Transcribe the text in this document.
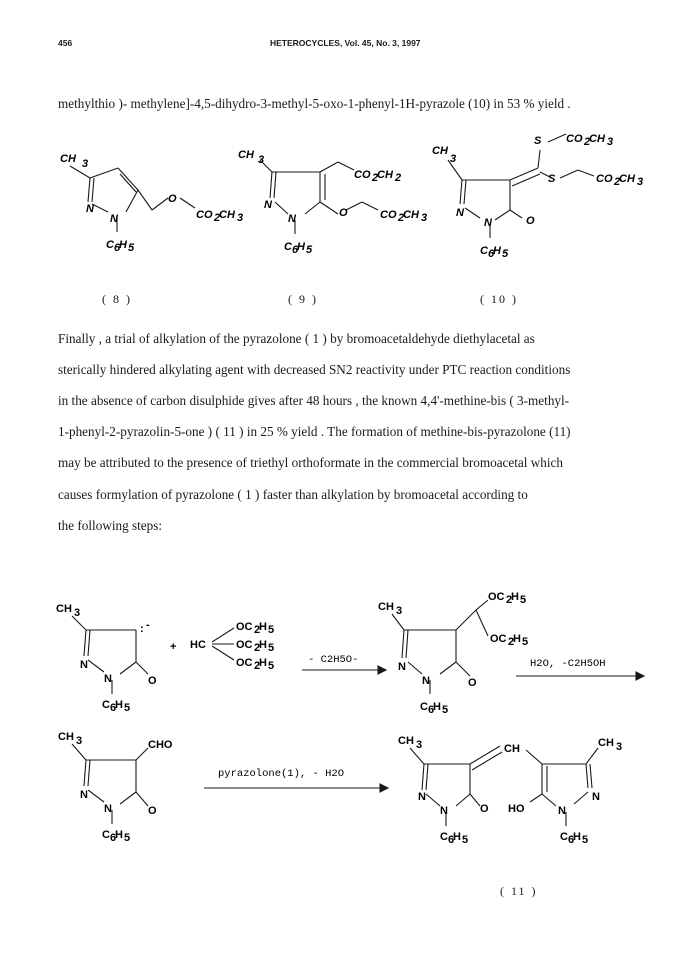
456	HETEROCYCLES, Vol. 45, No. 3, 1997
methylthio )- methylene]-4,5-dihydro-3-methyl-5-oxo-1-phenyl-1H-pyrazole (10) in 53 % yield .
CH 3
N
N
O
CO 2
CH 3
C 6
H 5
CH 3
CO 2
CH 2
N
N	O	CO 2
CH 3
C 6
H 5
CH
3
S CO 2
CH 3
S	CO 2
CH 3
N
N	O
C 6
H 5
( 8 )	( 9 )	( 10 )
Finally , a trial of alkylation of the pyrazolone ( 1 ) by bromoacetaldehyde diethylacetal as
sterically hindered alkylating agent with decreased SN2 reactivity under PTC reaction conditions
in the absence of carbon disulphide gives after 48 hours , the known 4,4'-methine-bis ( 3-methyl-
1-phenyl-2-pyrazolin-5-one ) ( 11 ) in 25 % yield . The formation of methine-bis-pyrazolone (11)
may be attributed to the presence of triethyl orthoformate in the commercial bromoacetal which
causes formylation of pyrazolone ( 1 ) faster than alkylation by bromoacetal according to
the following steps:
CH 3
: -
N
N	O
C 6
H 5
+ HC
OC 2
H 5
OC 2
H 5
OC 2
H 5	- C2H5O-
CH 3
OC 2
H 5
OC 2
H 5
N
N	O
C 6
H 5
H2O, -C2H5OH
CH 3	CHO
N
N	O
C 6
H 5
pyrazolone(1), - H2O
CH 3	CH	CH 3
N
N	O HO	N
N
C 6
H 5	C 6
H 5
( 11 )
